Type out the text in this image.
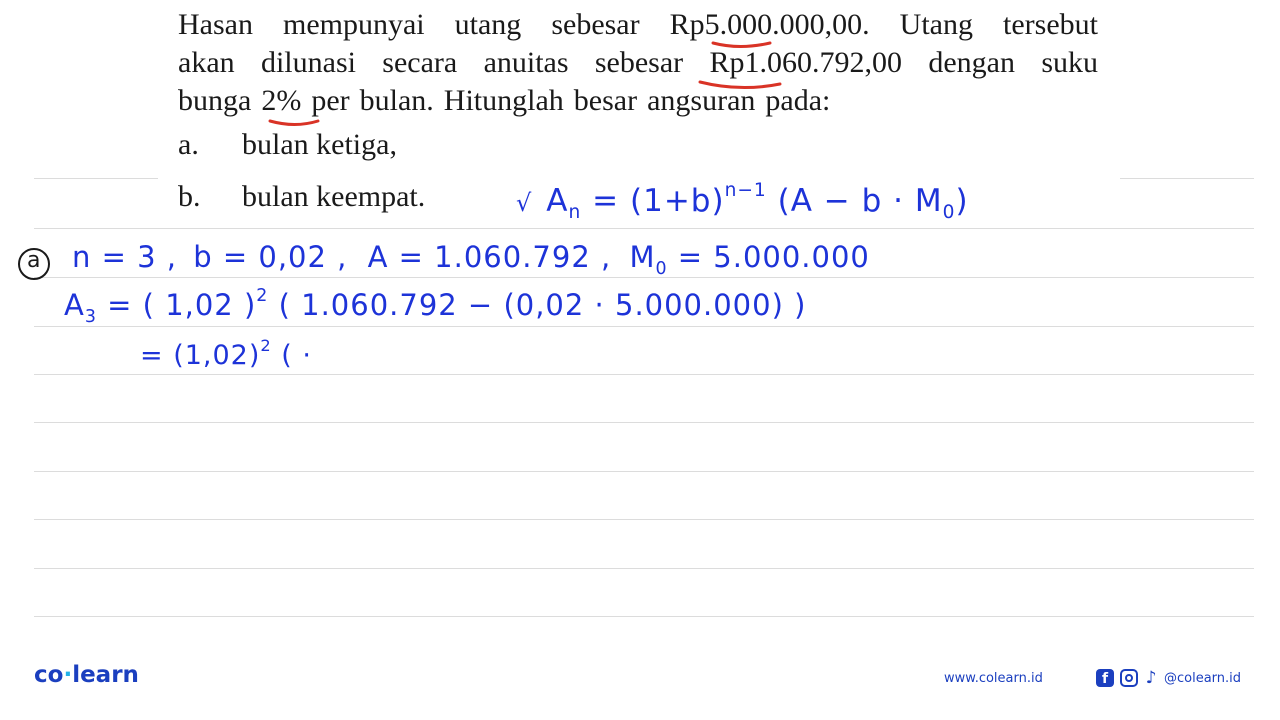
Hasan mempunyai utang sebesar Rp5.000.000,00. Utang tersebut
akan dilunasi secara anuitas sebesar Rp1.060.792,00 dengan suku
bunga 2% per bulan. Hitunglah besar angsuran pada:
a.	bulan ketiga,
b.	bulan keempat.	√ $A_n = (1+b)^{n-1}$ $(A - b \cdot M_0)$
a n = 3 , b = 0,02 , A = 1.060.792 , $M_0 = 5.000.000$
$A_3$ = ( 1,02 )$^2$ ( 1.060.792 − (0,02 · 5.000.000) )
= $(1,02)^2$ ( ·
co·learn	www.colearn.id	f	♪ @colearn.id
